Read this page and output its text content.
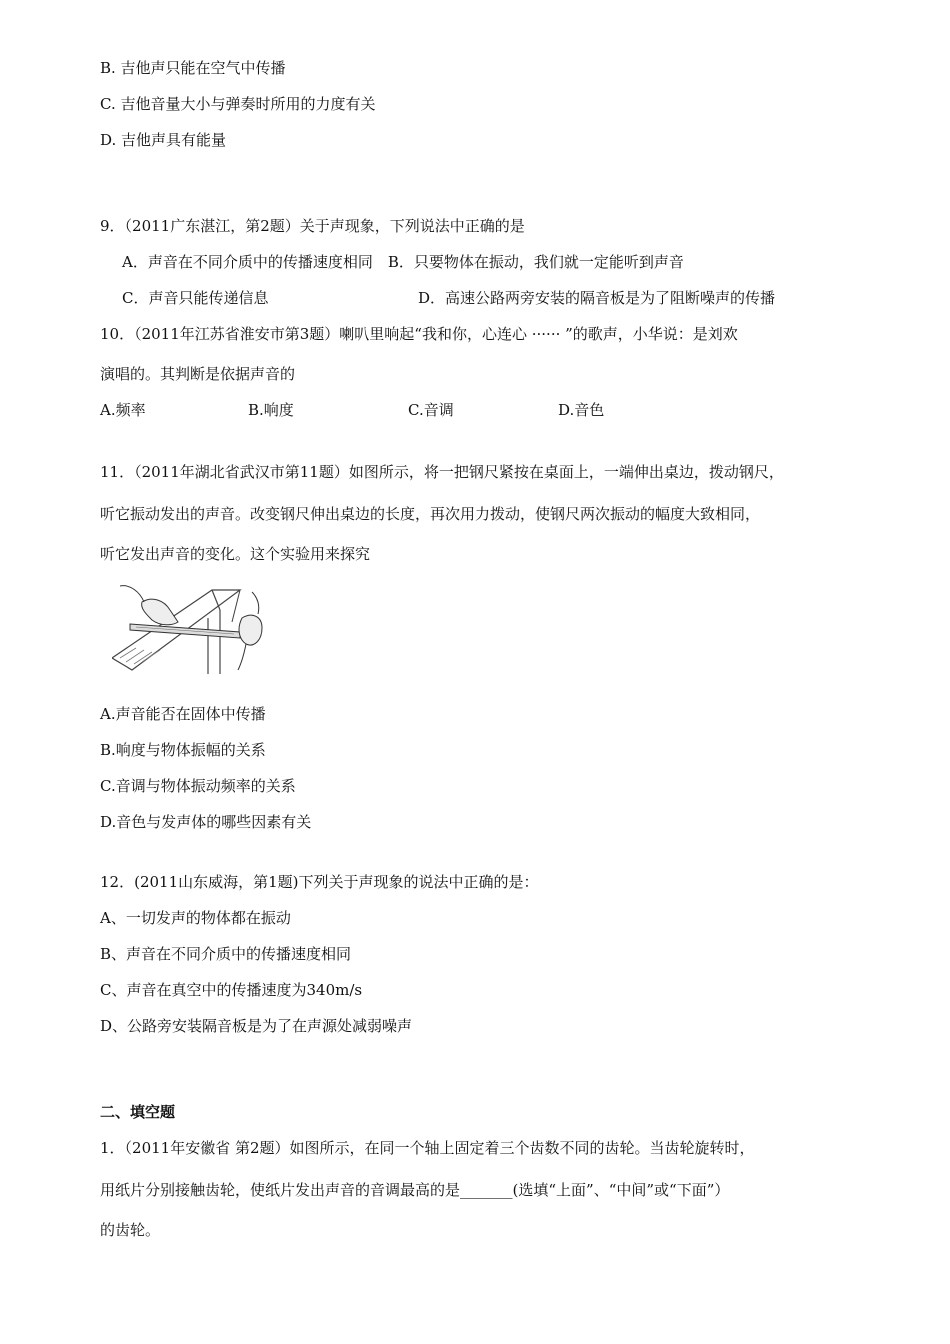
B. 吉他声只能在空气中传播
C. 吉他音量大小与弹奏时所用的力度有关
D. 吉他声具有能量
9．（2011广东湛江，第2题）关于声现象，下列说法中正确的是
A．声音在不同介质中的传播速度相同　B．只要物体在振动，我们就一定能听到声音
C．声音只能传递信息	D．高速公路两旁安装的隔音板是为了阻断噪声的传播
10．（2011年江苏省淮安市第3题）喇叭里响起“我和你，心连心 ······ ”的歌声，小华说：是刘欢
演唱的。其判断是依据声音的
A.频率	B.响度	C.音调	D.音色
11．（2011年湖北省武汉市第11题）如图所示，将一把钢尺紧按在桌面上，一端伸出桌边，拨动钢尺，
听它振动发出的声音。改变钢尺伸出桌边的长度，再次用力拨动，使钢尺两次振动的幅度大致相同，
听它发出声音的变化。这个实验用来探究
A.声音能否在固体中传播
B.响度与物体振幅的关系
C.音调与物体振动频率的关系
D.音色与发声体的哪些因素有关
12．(2011山东威海，第1题)下列关于声现象的说法中正确的是：
A、一切发声的物体都在振动
B、声音在不同介质中的传播速度相同
C、声音在真空中的传播速度为340m/s
D、公路旁安装隔音板是为了在声源处减弱噪声
二、填空题
1．（2011年安徽省 第2题）如图所示，在同一个轴上固定着三个齿数不同的齿轮。当齿轮旋转时，
用纸片分别接触齿轮，使纸片发出声音的音调最高的是_______(选填“上面”、“中间”或“下面”）
的齿轮。
